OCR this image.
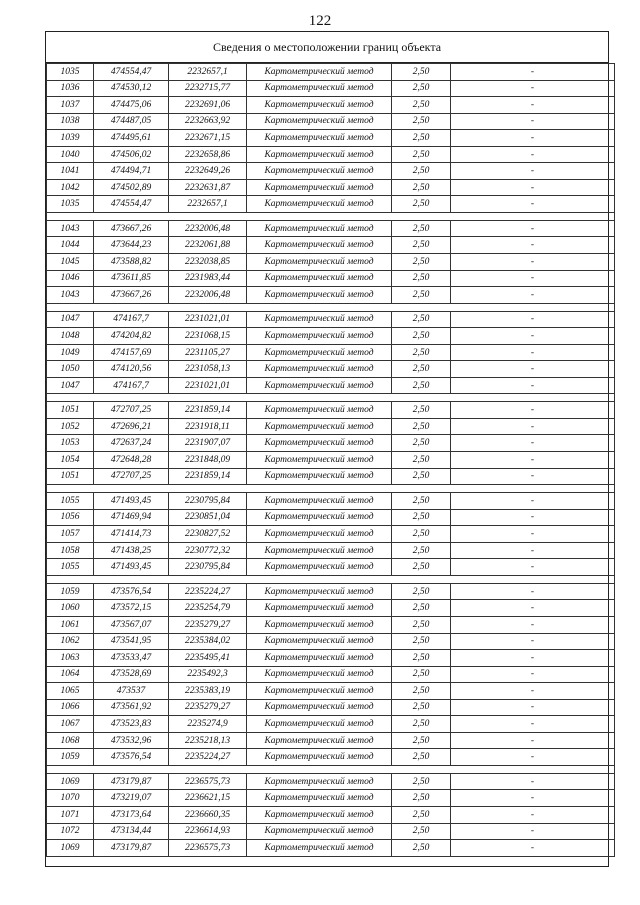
122
Сведения о местоположении границ объекта
1035	474554,47	2232657,1	Картометрический метод	2,50	-
1036	474530,12	2232715,77	Картометрический метод	2,50	-
1037	474475,06	2232691,06	Картометрический метод	2,50	-
1038	474487,05	2232663,92	Картометрический метод	2,50	-
1039	474495,61	2232671,15	Картометрический метод	2,50	-
1040	474506,02	2232658,86	Картометрический метод	2,50	-
1041	474494,71	2232649,26	Картометрический метод	2,50	-
1042	474502,89	2232631,87	Картометрический метод	2,50	-
1035	474554,47	2232657,1	Картометрический метод	2,50	-

1043	473667,26	2232006,48	Картометрический метод	2,50	-
1044	473644,23	2232061,88	Картометрический метод	2,50	-
1045	473588,82	2232038,85	Картометрический метод	2,50	-
1046	473611,85	2231983,44	Картометрический метод	2,50	-
1043	473667,26	2232006,48	Картометрический метод	2,50	-

1047	474167,7	2231021,01	Картометрический метод	2,50	-
1048	474204,82	2231068,15	Картометрический метод	2,50	-
1049	474157,69	2231105,27	Картометрический метод	2,50	-
1050	474120,56	2231058,13	Картометрический метод	2,50	-
1047	474167,7	2231021,01	Картометрический метод	2,50	-

1051	472707,25	2231859,14	Картометрический метод	2,50	-
1052	472696,21	2231918,11	Картометрический метод	2,50	-
1053	472637,24	2231907,07	Картометрический метод	2,50	-
1054	472648,28	2231848,09	Картометрический метод	2,50	-
1051	472707,25	2231859,14	Картометрический метод	2,50	-

1055	471493,45	2230795,84	Картометрический метод	2,50	-
1056	471469,94	2230851,04	Картометрический метод	2,50	-
1057	471414,73	2230827,52	Картометрический метод	2,50	-
1058	471438,25	2230772,32	Картометрический метод	2,50	-
1055	471493,45	2230795,84	Картометрический метод	2,50	-

1059	473576,54	2235224,27	Картометрический метод	2,50	-
1060	473572,15	2235254,79	Картометрический метод	2,50	-
1061	473567,07	2235279,27	Картометрический метод	2,50	-
1062	473541,95	2235384,02	Картометрический метод	2,50	-
1063	473533,47	2235495,41	Картометрический метод	2,50	-
1064	473528,69	2235492,3	Картометрический метод	2,50	-
1065	473537	2235383,19	Картометрический метод	2,50	-
1066	473561,92	2235279,27	Картометрический метод	2,50	-
1067	473523,83	2235274,9	Картометрический метод	2,50	-
1068	473532,96	2235218,13	Картометрический метод	2,50	-
1059	473576,54	2235224,27	Картометрический метод	2,50	-

1069	473179,87	2236575,73	Картометрический метод	2,50	-
1070	473219,07	2236621,15	Картометрический метод	2,50	-
1071	473173,64	2236660,35	Картометрический метод	2,50	-
1072	473134,44	2236614,93	Картометрический метод	2,50	-
1069	473179,87	2236575,73	Картометрический метод	2,50	-
